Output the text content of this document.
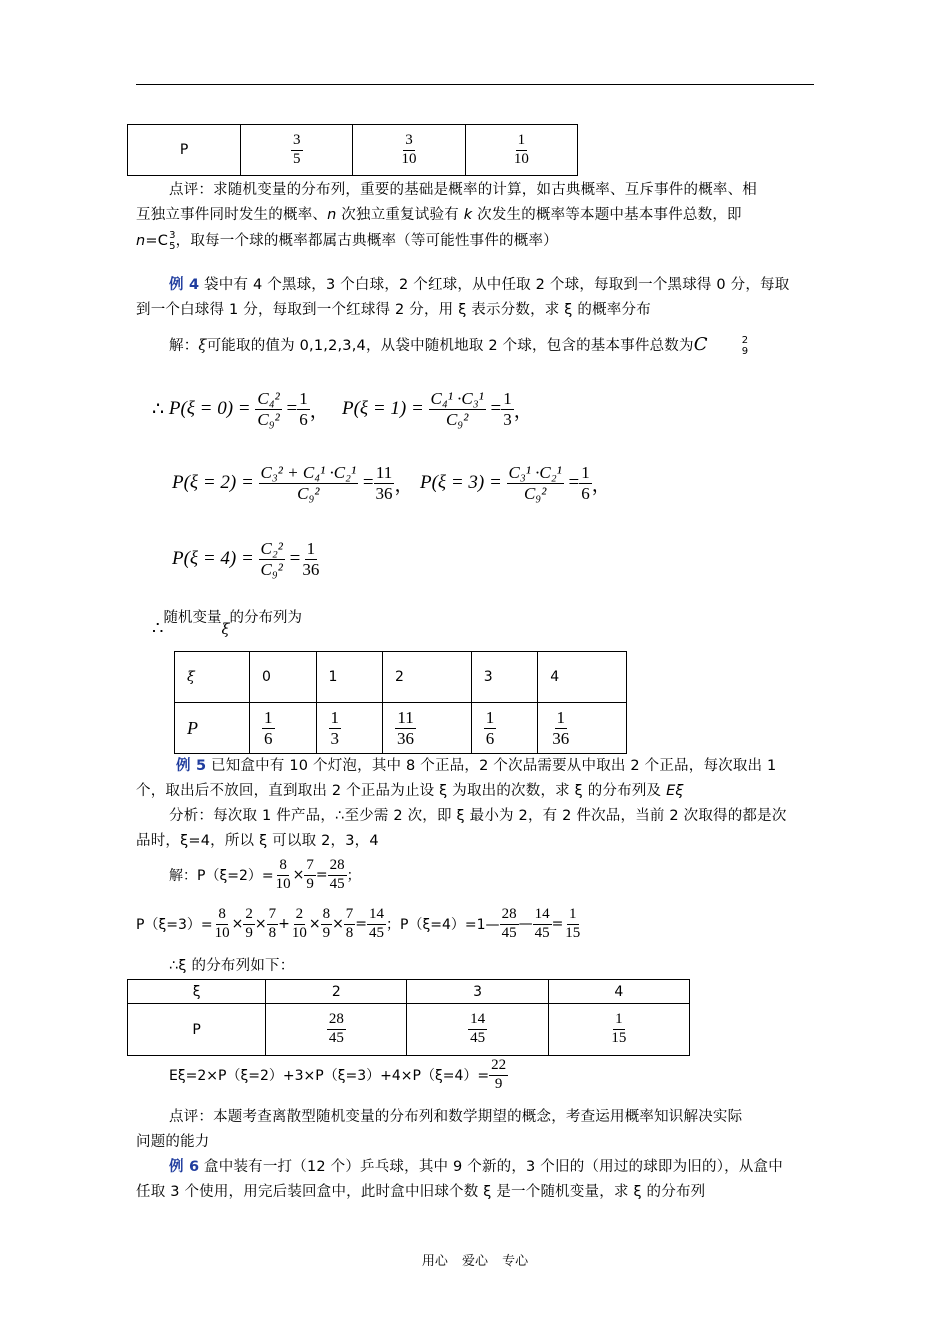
P	$\frac{3}{5}$	$\frac{3}{10}$	$\frac{1}{10}$
点评：求随机变量的分布列，重要的基础是概率的计算，如古典概率、互斥事件的概率、相
互独立事件同时发生的概率、n 次独立重复试验有 k 次发生的概率等本题中基本事件总数，即
n=C 3
5 ，取每一个球的概率都属古典概率（等可能性事件的概率）
例 4 袋中有 4 个黑球，3 个白球，2 个红球，从中任取 2 个球，每取到一个黑球得 0 分，每取
到一个白球得 1 分，每取到一个红球得 2 分，用 ξ 表示分数，求 ξ 的概率分布
解：ξ可能取的值为 0,1,2,3,4，从袋中随机地取 2 个球，包含的基本事件总数为C	2
9
∴
P(ξ = 0) =
$\frac{\text{C₄²}}{\text{C₉²}}$
= $\frac{1}{6}$ ， P(ξ = 1) =
$\frac{\text{C₄¹ ·C₃¹}}{\text{C₉²}}$
= $\frac{1}{3}$ ，
P(ξ = 2) =
$\frac{\text{C₃² + C₄¹ ·C₂¹}}{\text{C₉²}}$
= $\frac{11}{36}$ ， P(ξ = 3) =
$\frac{\text{C₃¹ ·C₂¹}}{\text{C₉²}}$
= $\frac{1}{6}$ ，
P(ξ = 4) =
$\frac{\text{C₂²}}{\text{C₉²}}$
= $\frac{1}{36}$
∴随机变量ξ的分布列为
ξ	0	1	2	3	4
P	$\frac{1}{6}$	$\frac{1}{3}$	$\frac{11}{36}$	$\frac{1}{6}$	$\frac{1}{36}$
例 5 已知盒中有 10 个灯泡，其中 8 个正品，2 个次品需要从中取出 2 个正品，每次取出 1
个，取出后不放回，直到取出 2 个正品为止设 ξ 为取出的次数，求 ξ 的分布列及 Eξ
分析：每次取 1 件产品，∴至少需 2 次，即 ξ 最小为 2，有 2 件次品，当前 2 次取得的都是次
品时，ξ=4，所以 ξ 可以取 2，3，4
解：$P(\xi=2)= \frac{8}{10} \times \frac{7}{9} = \frac{28}{45}$ ；
$P(\xi=3)= \frac{8}{10} \times \frac{2}{9} \times \frac{7}{8} + \frac{2}{10} \times \frac{8}{9} \times \frac{7}{8} = \frac{14}{45}$ ；P（ξ=4）=1— $\frac{28}{45}$ — $\frac{14}{45} = \frac{1}{15}$
∴ξ 的分布列如下：
ξ	2	3	4
P	$\frac{28}{45}$	$\frac{14}{45}$	$\frac{1}{15}$
$E\xi=2\times P(\xi=2)+3\times P(\xi=3)+4\times P(\xi=4)= \frac{22}{9}$
点评：本题考查离散型随机变量的分布列和数学期望的概念，考查运用概率知识解决实际
问题的能力
例 6 盒中装有一打（12 个）乒乓球，其中 9 个新的，3 个旧的（用过的球即为旧的），从盒中
任取 3 个使用，用完后装回盒中，此时盒中旧球个数 ξ 是一个随机变量，求 ξ 的分布列
用心 爱心 专心
